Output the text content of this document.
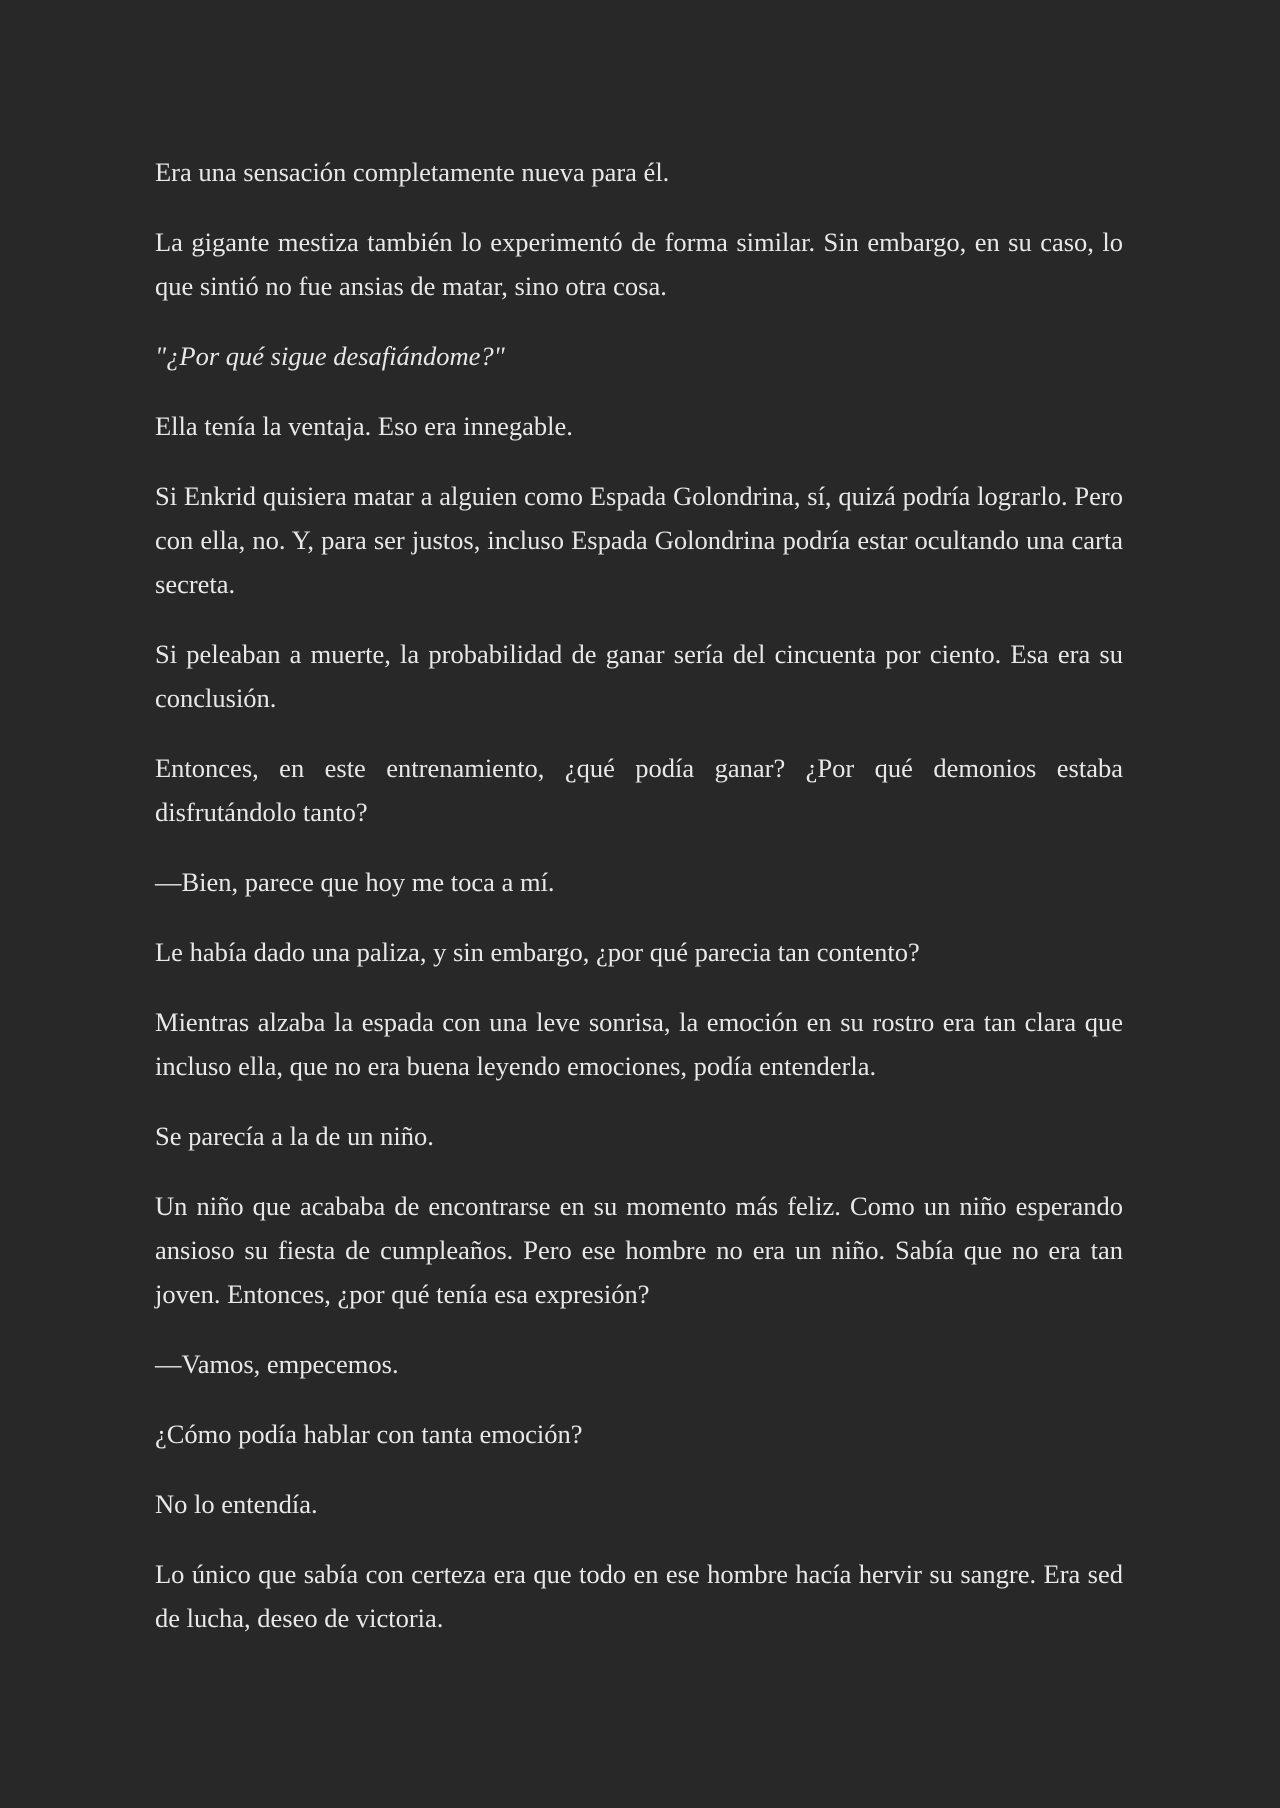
Era una sensación completamente nueva para él.

La gigante mestiza también lo experimentó de forma similar. Sin embargo, en su caso, lo que sintió no fue ansias de matar, sino otra cosa.

"¿Por qué sigue desafiándome?"

Ella tenía la ventaja. Eso era innegable.

Si Enkrid quisiera matar a alguien como Espada Golondrina, sí, quizá podría lograrlo. Pero con ella, no. Y, para ser justos, incluso Espada Golondrina podría estar ocultando una carta secreta.

Si peleaban a muerte, la probabilidad de ganar sería del cincuenta por ciento. Esa era su conclusión.

Entonces, en este entrenamiento, ¿qué podía ganar? ¿Por qué demonios estaba disfrutándolo tanto?

—Bien, parece que hoy me toca a mí.

Le había dado una paliza, y sin embargo, ¿por qué parecia tan contento?

Mientras alzaba la espada con una leve sonrisa, la emoción en su rostro era tan clara que incluso ella, que no era buena leyendo emociones, podía entenderla.

Se parecía a la de un niño.

Un niño que acababa de encontrarse en su momento más feliz. Como un niño esperando ansioso su fiesta de cumpleaños. Pero ese hombre no era un niño. Sabía que no era tan joven. Entonces, ¿por qué tenía esa expresión?

—Vamos, empecemos.

¿Cómo podía hablar con tanta emoción?

No lo entendía.

Lo único que sabía con certeza era que todo en ese hombre hacía hervir su sangre. Era sed de lucha, deseo de victoria.
